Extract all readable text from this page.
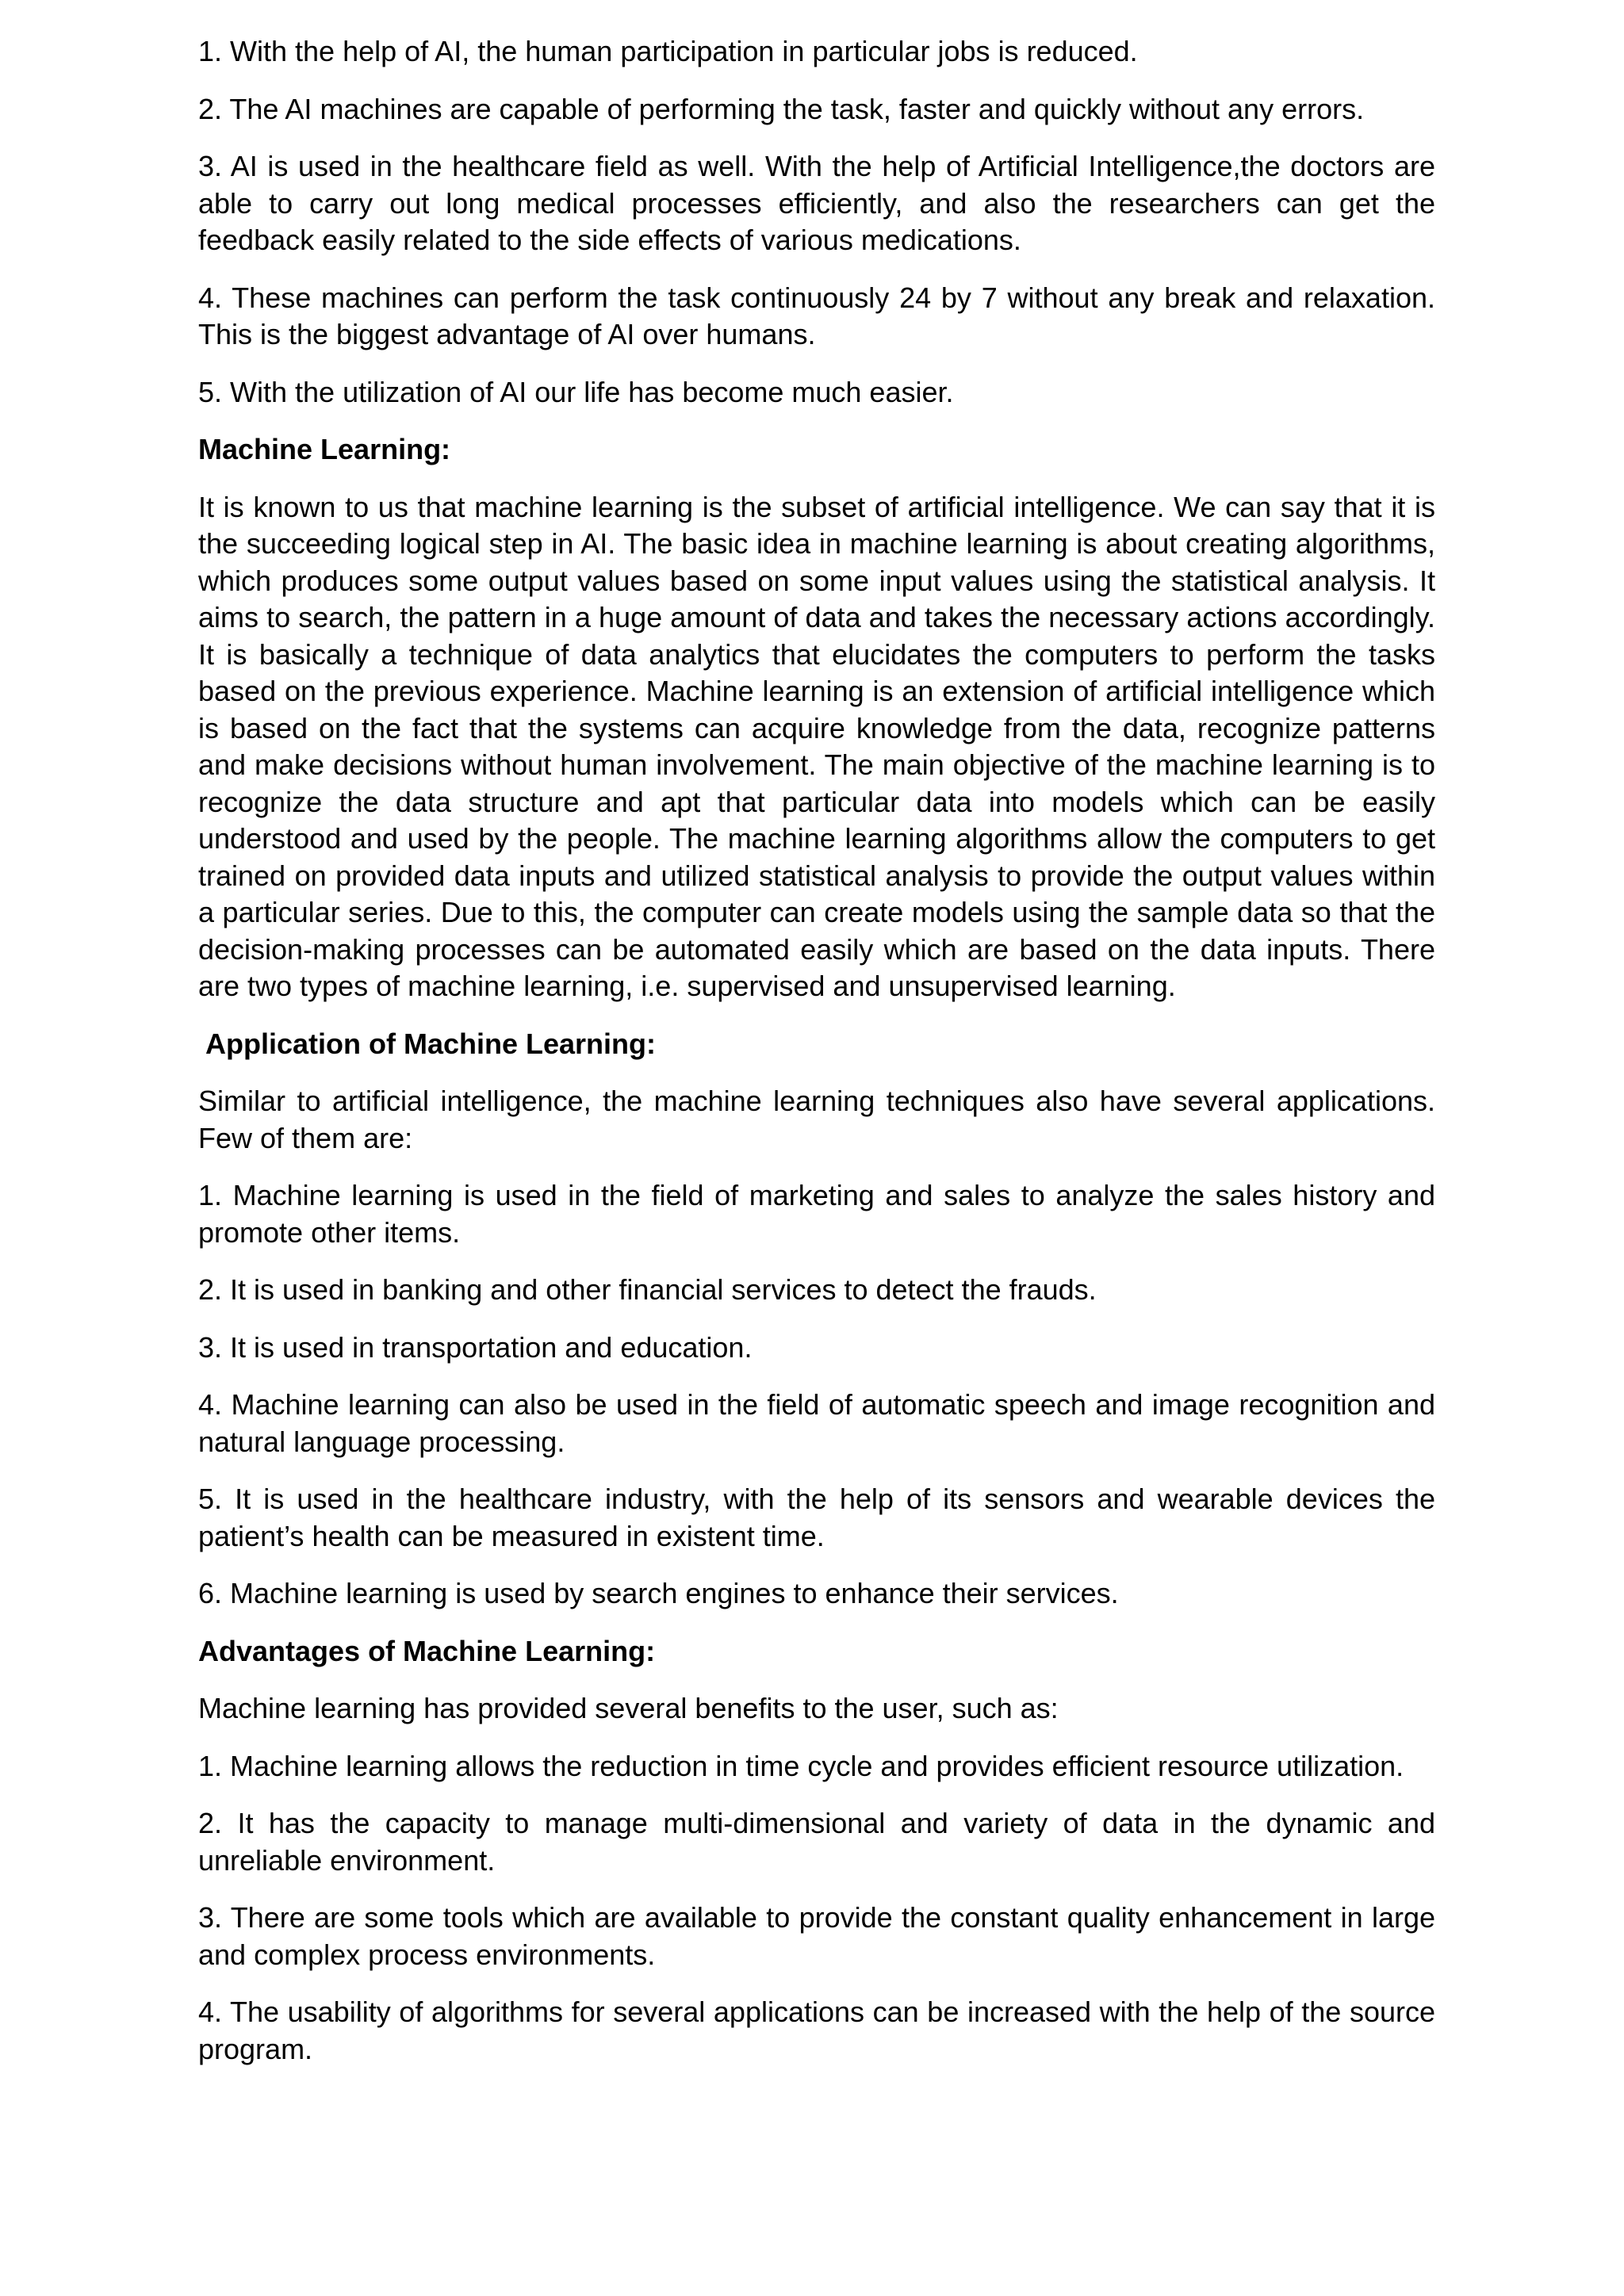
1. With the help of AI, the human participation in particular jobs is reduced.

2. The AI machines are capable of performing the task, faster and quickly without any errors.

3. AI is used in the healthcare field as well. With the help of Artificial Intelligence,the doctors are able to carry out long medical processes efficiently, and also the researchers can get the feedback easily related to the side effects of various medications.

4. These machines can perform the task continuously 24 by 7 without any break and relaxation. This is the biggest advantage of AI over humans.

5. With the utilization of AI our life has become much easier.

Machine Learning:

It is known to us that machine learning is the subset of artificial intelligence. We can say that it is the succeeding logical step in AI. The basic idea in machine learning is about creating algorithms, which produces some output values based on some input values using the statistical analysis. It aims to search, the pattern in a huge amount of data and takes the necessary actions accordingly. It is basically a technique of data analytics that elucidates the computers to perform the tasks based on the previous experience. Machine learning is an extension of artificial intelligence which is based on the fact that the systems can acquire knowledge from the data, recognize patterns and make decisions without human involvement. The main objective of the machine learning is to recognize the data structure and apt that particular data into models which can be easily understood and used by the people. The machine learning algorithms allow the computers to get trained on provided data inputs and utilized statistical analysis to provide the output values within a particular series. Due to this, the computer can create models using the sample data so that the decision-making processes can be automated easily which are based on the data inputs. There are two types of machine learning, i.e. supervised and unsupervised learning.

Application of Machine Learning:

Similar to artificial intelligence, the machine learning techniques also have several applications. Few of them are:

1. Machine learning is used in the field of marketing and sales to analyze the sales history and promote other items.

2. It is used in banking and other financial services to detect the frauds.

3. It is used in transportation and education.

4. Machine learning can also be used in the field of automatic speech and image recognition and natural language processing.

5. It is used in the healthcare industry, with the help of its sensors and wearable devices the patient’s health can be measured in existent time.

6. Machine learning is used by search engines to enhance their services.

Advantages of Machine Learning:

Machine learning has provided several benefits to the user, such as:

1. Machine learning allows the reduction in time cycle and provides efficient resource utilization.

2. It has the capacity to manage multi-dimensional and variety of data in the dynamic and unreliable environment.

3. There are some tools which are available to provide the constant quality enhancement in large and complex process environments.

4. The usability of algorithms for several applications can be increased with the help of the source program.
